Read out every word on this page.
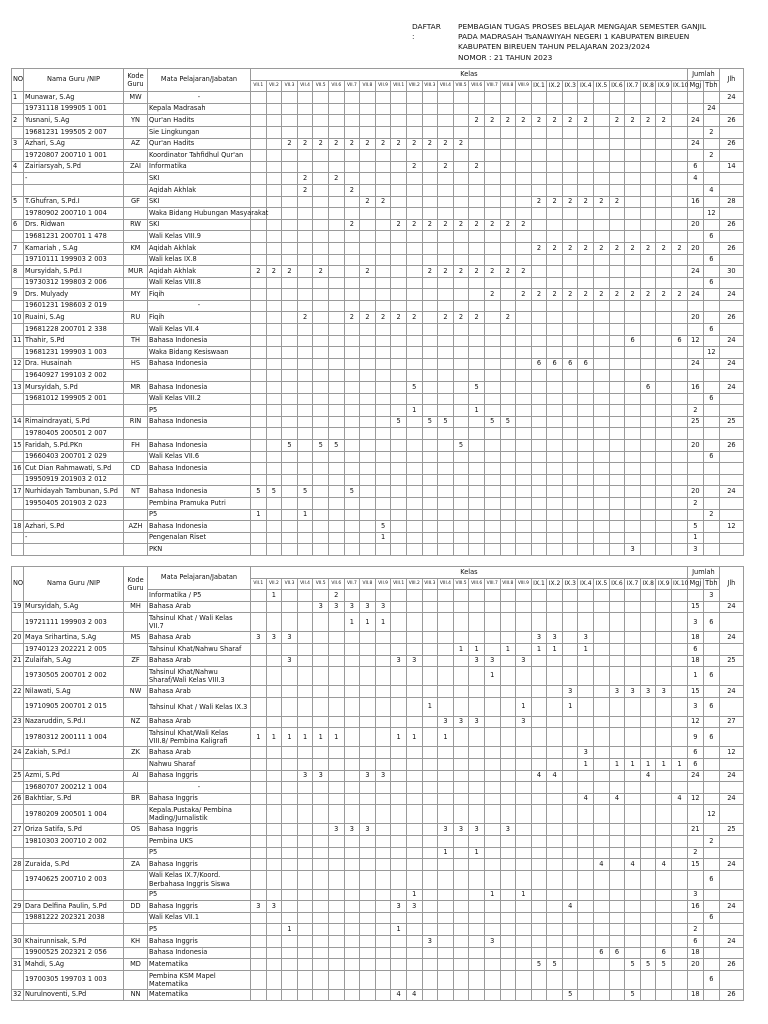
DAFTAR :
PEMBAGIAN TUGAS PROSES BELAJAR MENGAJAR SEMESTER GANJIL
PADA MADRASAH TsANAWIYAH NEGERI 1 KABUPATEN BIREUEN
KABUPATEN BIREUEN TAHUN PELAJARAN 2023/2024
NOMOR : 21 TAHUN 2023
NO	Nama Guru /NIP	Kode Guru	Mata Pelajaran/Jabatan	Kelas																												Jumlah		Jlh
				VII.1	VII.2	VII.3	VII.4	VII.5	VII.6	VII.7	VII.8	VII.9	VIII.1	VIII.2	VIII.3	VIII.4	VIII.5	VIII.6	VIII.7	VIII.8	VIII.9	IX.1	IX.2	IX.3	IX.4	IX.5	IX.6	IX.7	IX.8	IX.9	IX.10	Mgj	Tbh	
1	Munawar, S.Ag	MW	-																															24
	19731118 199905 1 001		Kepala Madrasah																														24	
2	Yusnani, S.Ag	YN	Qur'an Hadits															2	2	2	2	2	2	2	2		2	2	2	2		24		26
	19681231 199505 2 007		Sie Lingkungan																														2	
3	Azhari, S.Ag	AZ	Qur'an Hadits			2	2	2	2	2	2	2	2	2	2	2	2															24		26
	19720807 200710 1 001		Koordinator Tahfidhul Qur'an																														2	
4	Zairiarsyah, S.Pd	ZAI	Informatika											2		2		2														6		14
	-		SKI				2		2																							4		
			Aqidah Akhlak				2			2																							4	
5	T.Ghufran, S.Pd.I	GF	SKI								2	2										2	2	2	2	2	2					16		28
	19780902 200710 1 004		Waka Bidang Hubungan Masyarakat																														12	
6	Drs. Ridwan	RW	SKI							2			2	2	2	2	2	2	2	2	2											20		26
	19681231 200701 1 478		Wali Kelas VIII.9																														6	
7	Kamariah , S.Ag	KM	Aqidah Akhlak																			2	2	2	2	2	2	2	2	2	2	20		26
	19710111 199903 2 003		Wali kelas IX.8																														6	
8	Mursyidah, S.Pd.I	MUR	Aqidah Akhlak	2	2	2		2			2				2	2	2	2	2	2	2											24		30
	19730312 199803 2 006		Wali Kelas VIII.8																														6	
9	Drs. Mulyady	MY	Fiqih																2		2	2	2	2	2	2	2	2	2	2	2	24		24
	19601231 198603 2 019		-																															
10	Ruaini, S.Ag	RU	Fiqih				2			2	2	2	2	2		2	2	2		2												20		26
	19681228 200701 2 338		Wali Kelas VII.4																														6	
11	Thahir, S.Pd	TH	Bahasa Indonesia																									6			6	12		24
	19681231 199903 1 003		Waka Bidang Kesiswaan																														12	
12	Dra. Husainah	HS	Bahasa Indonesia																			6	6	6	6							24		24
	19640927 199103 2 002																																	
13	Mursyidah, S.Pd	MR	Bahasa Indonesia											5				5											6			16		24
	19681012 199905 2 001		Wali Kelas VIII.2																														6	
			P5											1				1														2		
14	Rimaindrayati, S.Pd	RIN	Bahasa Indonesia										5		5	5			5	5												25		25
	19780405 200501 2 007																																	
15	Faridah, S.Pd.PKn	FH	Bahasa Indonesia			5		5	5								5															20		26
	19660403 200701 2 029		Wali Kelas VII.6																														6	
16	Cut Dian Rahmawati, S.Pd	CD	Bahasa Indonesia																															
	19950919 201903 2 012																																	
17	Nurhidayah Tambunan, S.Pd	NT	Bahasa Indonesia	5	5		5			5																						20		24
	19950405 201903 2 023		Pembina Pramuka Putri																													2		
			P5	1			1																										2	
18	Azhari, S.Pd	AZH	Bahasa Indonesia									5																				5		12
	-		Pengenalan Riset									1																				1		
			PKN																									3				3		
NO	Nama Guru /NIP	Kode Guru	Mata Pelajaran/Jabatan	Kelas																												Jumlah		Jlh
				VII.1	VII.2	VII.3	VII.4	VII.5	VII.6	VII.7	VII.8	VII.9	VIII.1	VIII.2	VIII.3	VIII.4	VIII.5	VIII.6	VIII.7	VIII.8	VIII.9	IX.1	IX.2	IX.3	IX.4	IX.5	IX.6	IX.7	IX.8	IX.9	IX.10	Mgj	Tbh	
			Informatika / P5		1				2																								3	
19	Mursyidah, S.Ag	MH	Bahasa Arab					3	3	3	3	3																				15		24
	19721111 199903 2 003		Tahsinul Khat / Wali Kelas VII.7							1	1	1																				3	6	
20	Maya Srihartina, S.Ag	MS	Bahasa Arab	3	3	3																3	3		3							18		24
	19740123 202221 2 005		Tahsinul Khat/Nahwu Sharaf														1	1		1		1	1		1							6		
21	Zulaifah, S.Ag	ZF	Bahasa Arab			3							3	3				3	3		3											18		25
	19730505 200701 2 002		Tahsinul Khat/Nahwu Sharaf/Wali Kelas VIII.3																1													1	6	
22	Nilawati, S.Ag	NW	Bahasa Arab																					3			3	3	3	3		15		24
	19710905 200701 2 015		Tahsinul Khat / Wali Kelas IX.3												1						1			1								3	6	
23	Nazaruddin, S.Pd.I	NZ	Bahasa Arab													3	3	3			3											12		27
	19780312 200111 1 004		Tahsinul Khat/Wali Kelas VIII.8/ Pembina Kaligrafi	1	1	1	1	1	1				1	1		1																9	6	
24	Zakiah, S.Pd.I	ZK	Bahasa Arab																						3							6		12
			Nahwu Sharaf																						1		1	1	1	1	1	6		
25	Azmi, S.Pd	AI	Bahasa Inggris				3	3			3	3										4	4						4			24		24
	19680707 200212 1 004		-																															
26	Bakhtiar, S.Pd	BR	Bahasa Inggris																						4		4				4	12		24
	19780209 200501 1 004		Kepala.Pustaka/ Pembina Mading/Jurnalistik																														12	
27	Oriza Satifa, S.Pd	OS	Bahasa Inggris						3	3	3					3	3	3		3												21		25
	19810303 200710 2 002		Pembina UKS																														2	
			P5													1		1														2		
28	Zuraida, S.Pd	ZA	Bahasa Inggris																							4		4		4		15		24
	19740625 200710 2 003		Wali Kelas IX.7/Koord. Berbahasa Inggris Siswa																														6	
			P5											1					1		1											3		
29	Dara Delfina Paulin, S.Pd	DD	Bahasa Inggris	3	3								3	3										4								16		24
	19881222 202321 2038		Wali Kelas VII.1																														6	
			P5			1							1																			2		
30	Khairunnisak, S.Pd	KH	Bahasa Inggris												3				3													6		24
	19900525 202321 2 056		Bahasa Indonesia																							6	6			6		18		
31	Mahdi, S.Ag	MD	Matematika																			5	5					5	5	5		20		26
	19700305 199703 1 003		Pembina KSM Mapel Matematika																														6	
32	Nurulnoventi, S.Pd	NN	Matematika										4	4										5				5				18		26
